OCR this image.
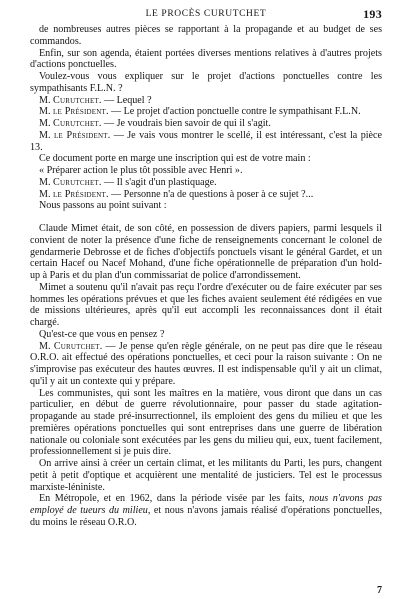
LE PROCÈS CURUTCHET	193

de nombreuses autres pièces se rapportant à la propagande et au budget de ses commandos.

Enfin, sur son agenda, étaient portées diverses mentions relatives à d'autres projets d'actions ponctuelles.

Voulez-vous vous expliquer sur le projet d'actions ponctuelles contre les sympathisants F.L.N. ?

M. Curutchet. — Lequel ?

M. le Président. — Le projet d'action ponctuelle contre le sympathisant F.L.N.

M. Curutchet. — Je voudrais bien savoir de qui il s'agit.

M. le Président. — Je vais vous montrer le scellé, il est intéressant, c'est la pièce 13.

Ce document porte en marge une inscription qui est de votre main :

« Préparer action le plus tôt possible avec Henri ».

M. Curutchet. — Il s'agit d'un plastiquage.

M. le Président. — Personne n'a de questions à poser à ce sujet ?...

Nous passons au point suivant :

Claude Mimet était, de son côté, en possession de divers papiers, parmi lesquels il convient de noter la présence d'une fiche de renseignements concernant le colonel de gendarmerie Debrosse et de fiches d'objectifs ponctuels visant le général Gardet, et un certain Hacef ou Nacef Mohand, d'une fiche opérationnelle de préparation d'un hold-up à Paris et du plan d'un commissariat de police d'arrondissement.

Mimet a soutenu qu'il n'avait pas reçu l'ordre d'exécuter ou de faire exécuter par ses hommes les opérations prévues et que les fiches avaient seulement été rédigées en vue de missions ultérieures, après qu'il eut accompli les reconnaissances dont il était chargé.

Qu'est-ce que vous en pensez ?

M. Curutchet. — Je pense qu'en règle générale, on ne peut pas dire que le réseau O.R.O. ait effectué des opérations ponctuelles, et ceci pour la raison suivante : On ne s'improvise pas exécuteur des hautes œuvres. Il est indispensable qu'il y ait un climat, qu'il y ait un contexte qui y prépare.

Les communistes, qui sont les maîtres en la matière, vous diront que dans un cas particulier, en début de guerre révolutionnaire, pour passer du stade agitation-propagande au stade pré-insurrectionnel, ils emploient des gens du milieu et que les premières opérations ponctuelles qui sont entreprises dans une guerre de libération nationale ou coloniale sont exécutées par les gens du milieu qui, eux, tuent facilement, professionnellement si je puis dire.

On arrive ainsi à créer un certain climat, et les militants du Parti, les purs, changent petit à petit d'optique et acquièrent une mentalité de justiciers. Tel est le processus marxiste-léniniste.

En Métropole, et en 1962, dans la période visée par les faits, nous n'avons pas employé de tueurs du milieu, et nous n'avons jamais réalisé d'opérations ponctuelles, du moins le réseau O.R.O.

7
